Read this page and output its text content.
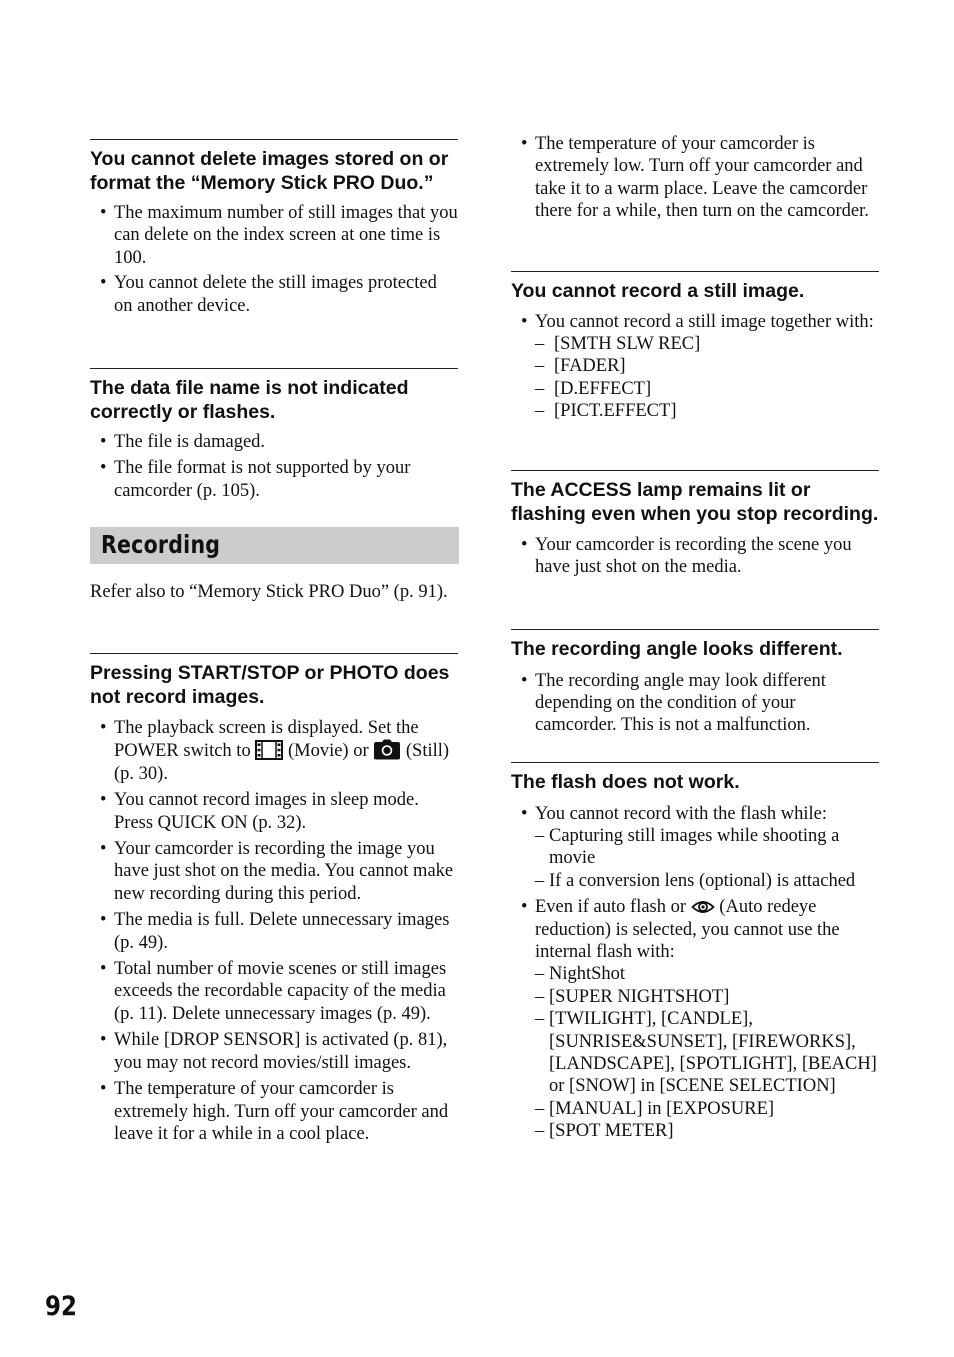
You cannot delete images stored on or format the “Memory Stick PRO Duo.”
• The maximum number of still images that you can delete on the index screen at one time is 100.
• You cannot delete the still images protected on another device.
The data file name is not indicated correctly or flashes.
• The file is damaged.
• The file format is not supported by your camcorder (p. 105).
Recording

Refer also to “Memory Stick PRO Duo” (p. 91).

Pressing START/STOP or PHOTO does not record images.
• The playback screen is displayed. Set the POWER switch to (Movie) or (Still) (p. 30).
• You cannot record images in sleep mode. Press QUICK ON (p. 32).
• Your camcorder is recording the image you have just shot on the media. You cannot make new recording during this period.
• The media is full. Delete unnecessary images (p. 49).
• Total number of movie scenes or still images exceeds the recordable capacity of the media (p. 11). Delete unnecessary images (p. 49).
• While [DROP SENSOR] is activated (p. 81), you may not record movies/still images.
• The temperature of your camcorder is extremely high. Turn off your camcorder and leave it for a while in a cool place.
• The temperature of your camcorder is extremely low. Turn off your camcorder and take it to a warm place. Leave the camcorder there for a while, then turn on the camcorder.
You cannot record a still image.
• You cannot record a still image together with:
– [SMTH SLW REC]
– [FADER]
– [D.EFFECT]
– [PICT.EFFECT]
The ACCESS lamp remains lit or flashing even when you stop recording.
• Your camcorder is recording the scene you have just shot on the media.
The recording angle looks different.
• The recording angle may look different depending on the condition of your camcorder. This is not a malfunction.
The flash does not work.
• You cannot record with the flash while:
– Capturing still images while shooting a movie
– If a conversion lens (optional) is attached
• Even if auto flash or (Auto redeye reduction) is selected, you cannot use the internal flash with:
– NightShot
– [SUPER NIGHTSHOT]
– [TWILIGHT], [CANDLE], [SUNRISE&SUNSET], [FIREWORKS], [LANDSCAPE], [SPOTLIGHT], [BEACH] or [SNOW] in [SCENE SELECTION]
– [MANUAL] in [EXPOSURE]
– [SPOT METER]
92
